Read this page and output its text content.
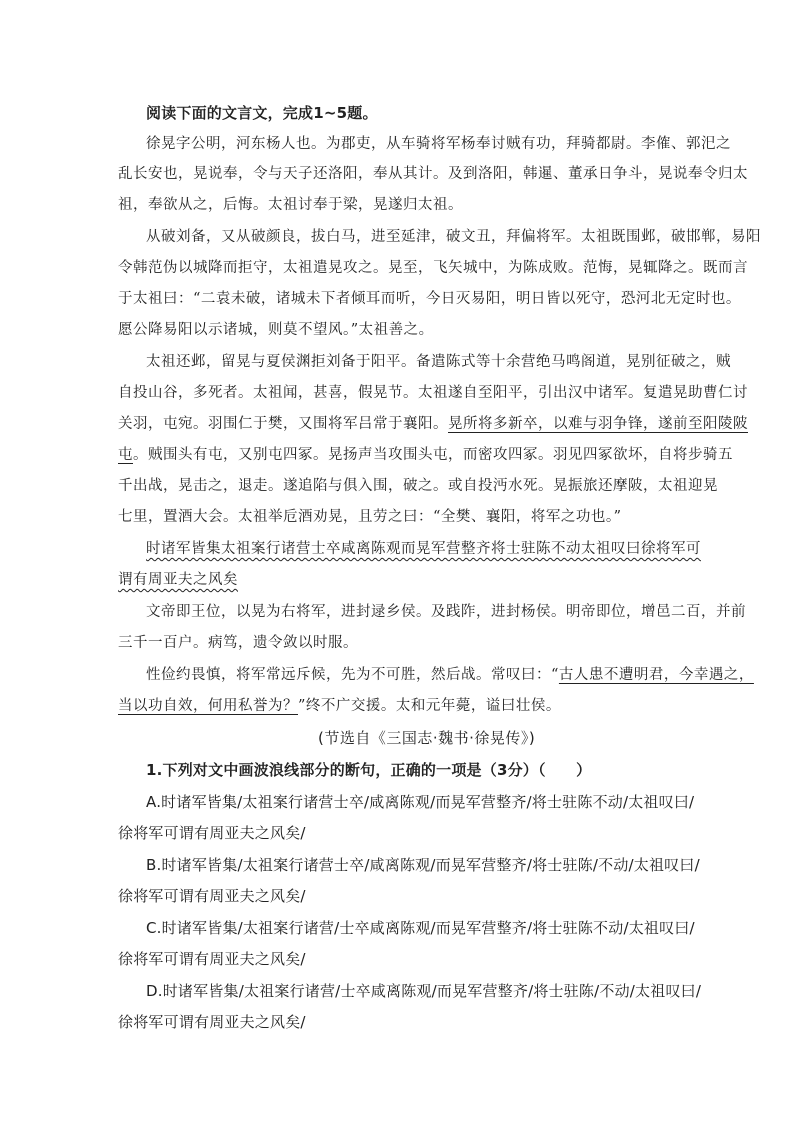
阅读下面的文言文，完成1~5题。
徐晃字公明，河东杨人也。为郡吏，从车骑将军杨奉讨贼有功，拜骑都尉。李傕、郭汜之
乱长安也，晃说奉，令与天子还洛阳，奉从其计。及到洛阳，韩暹、董承日争斗，晃说奉令归太
祖，奉欲从之，后悔。太祖讨奉于梁，晃遂归太祖。
从破刘备，又从破颜良，拔白马，进至延津，破文丑，拜偏将军。太祖既围邺，破邯郸，易阳
令韩范伪以城降而拒守，太祖遣晃攻之。晃至，飞矢城中，为陈成败。范悔，晃辄降之。既而言
于太祖曰：“二袁未破，诸城未下者倾耳而听，今日灭易阳，明日皆以死守，恐河北无定时也。
愿公降易阳以示诸城，则莫不望风。”太祖善之。
太祖还邺，留晃与夏侯渊拒刘备于阳平。备遣陈式等十余营绝马鸣阁道，晃别征破之，贼
自投山谷，多死者。太祖闻，甚喜，假晃节。太祖遂自至阳平，引出汉中诸军。复遣晃助曹仁讨
关羽，屯宛。羽围仁于樊，又围将军吕常于襄阳。晃所将多新卒，以难与羽争锋，遂前至阳陵陂
屯。贼围头有屯，又别屯四冢。晃扬声当攻围头屯，而密攻四冢。羽见四冢欲坏，自将步骑五
千出战，晃击之，退走。遂追陷与俱入围，破之。或自投沔水死。晃振旅还摩陂，太祖迎晃
七里，置酒大会。太祖举卮酒劝晃，且劳之曰：“全樊、襄阳，将军之功也。”
时诸军皆集太祖案行诸营士卒咸离陈观而晃军营整齐将士驻陈不动太祖叹曰徐将军可
谓有周亚夫之风矣
文帝即王位，以晃为右将军，进封逯乡侯。及践阼，进封杨侯。明帝即位，增邑二百，并前
三千一百户。病笃，遗令敛以时服。
性俭约畏慎，将军常远斥候，先为不可胜，然后战。常叹曰：“古人患不遭明君，今幸遇之，
当以功自效，何用私誉为？”终不广交援。太和元年薨，谥曰壮侯。
(节选自《三国志·魏书·徐晃传》)
1.下列对文中画波浪线部分的断句，正确的一项是（3分）（　　）
A.时诸军皆集/太祖案行诸营士卒/咸离陈观/而晃军营整齐/将士驻陈不动/太祖叹曰/
徐将军可谓有周亚夫之风矣/
B.时诸军皆集/太祖案行诸营士卒/咸离陈观/而晃军营整齐/将士驻陈/不动/太祖叹曰/
徐将军可谓有周亚夫之风矣/
C.时诸军皆集/太祖案行诸营/士卒咸离陈观/而晃军营整齐/将士驻陈不动/太祖叹曰/
徐将军可谓有周亚夫之风矣/
D.时诸军皆集/太祖案行诸营/士卒咸离陈观/而晃军营整齐/将士驻陈/不动/太祖叹曰/
徐将军可谓有周亚夫之风矣/
